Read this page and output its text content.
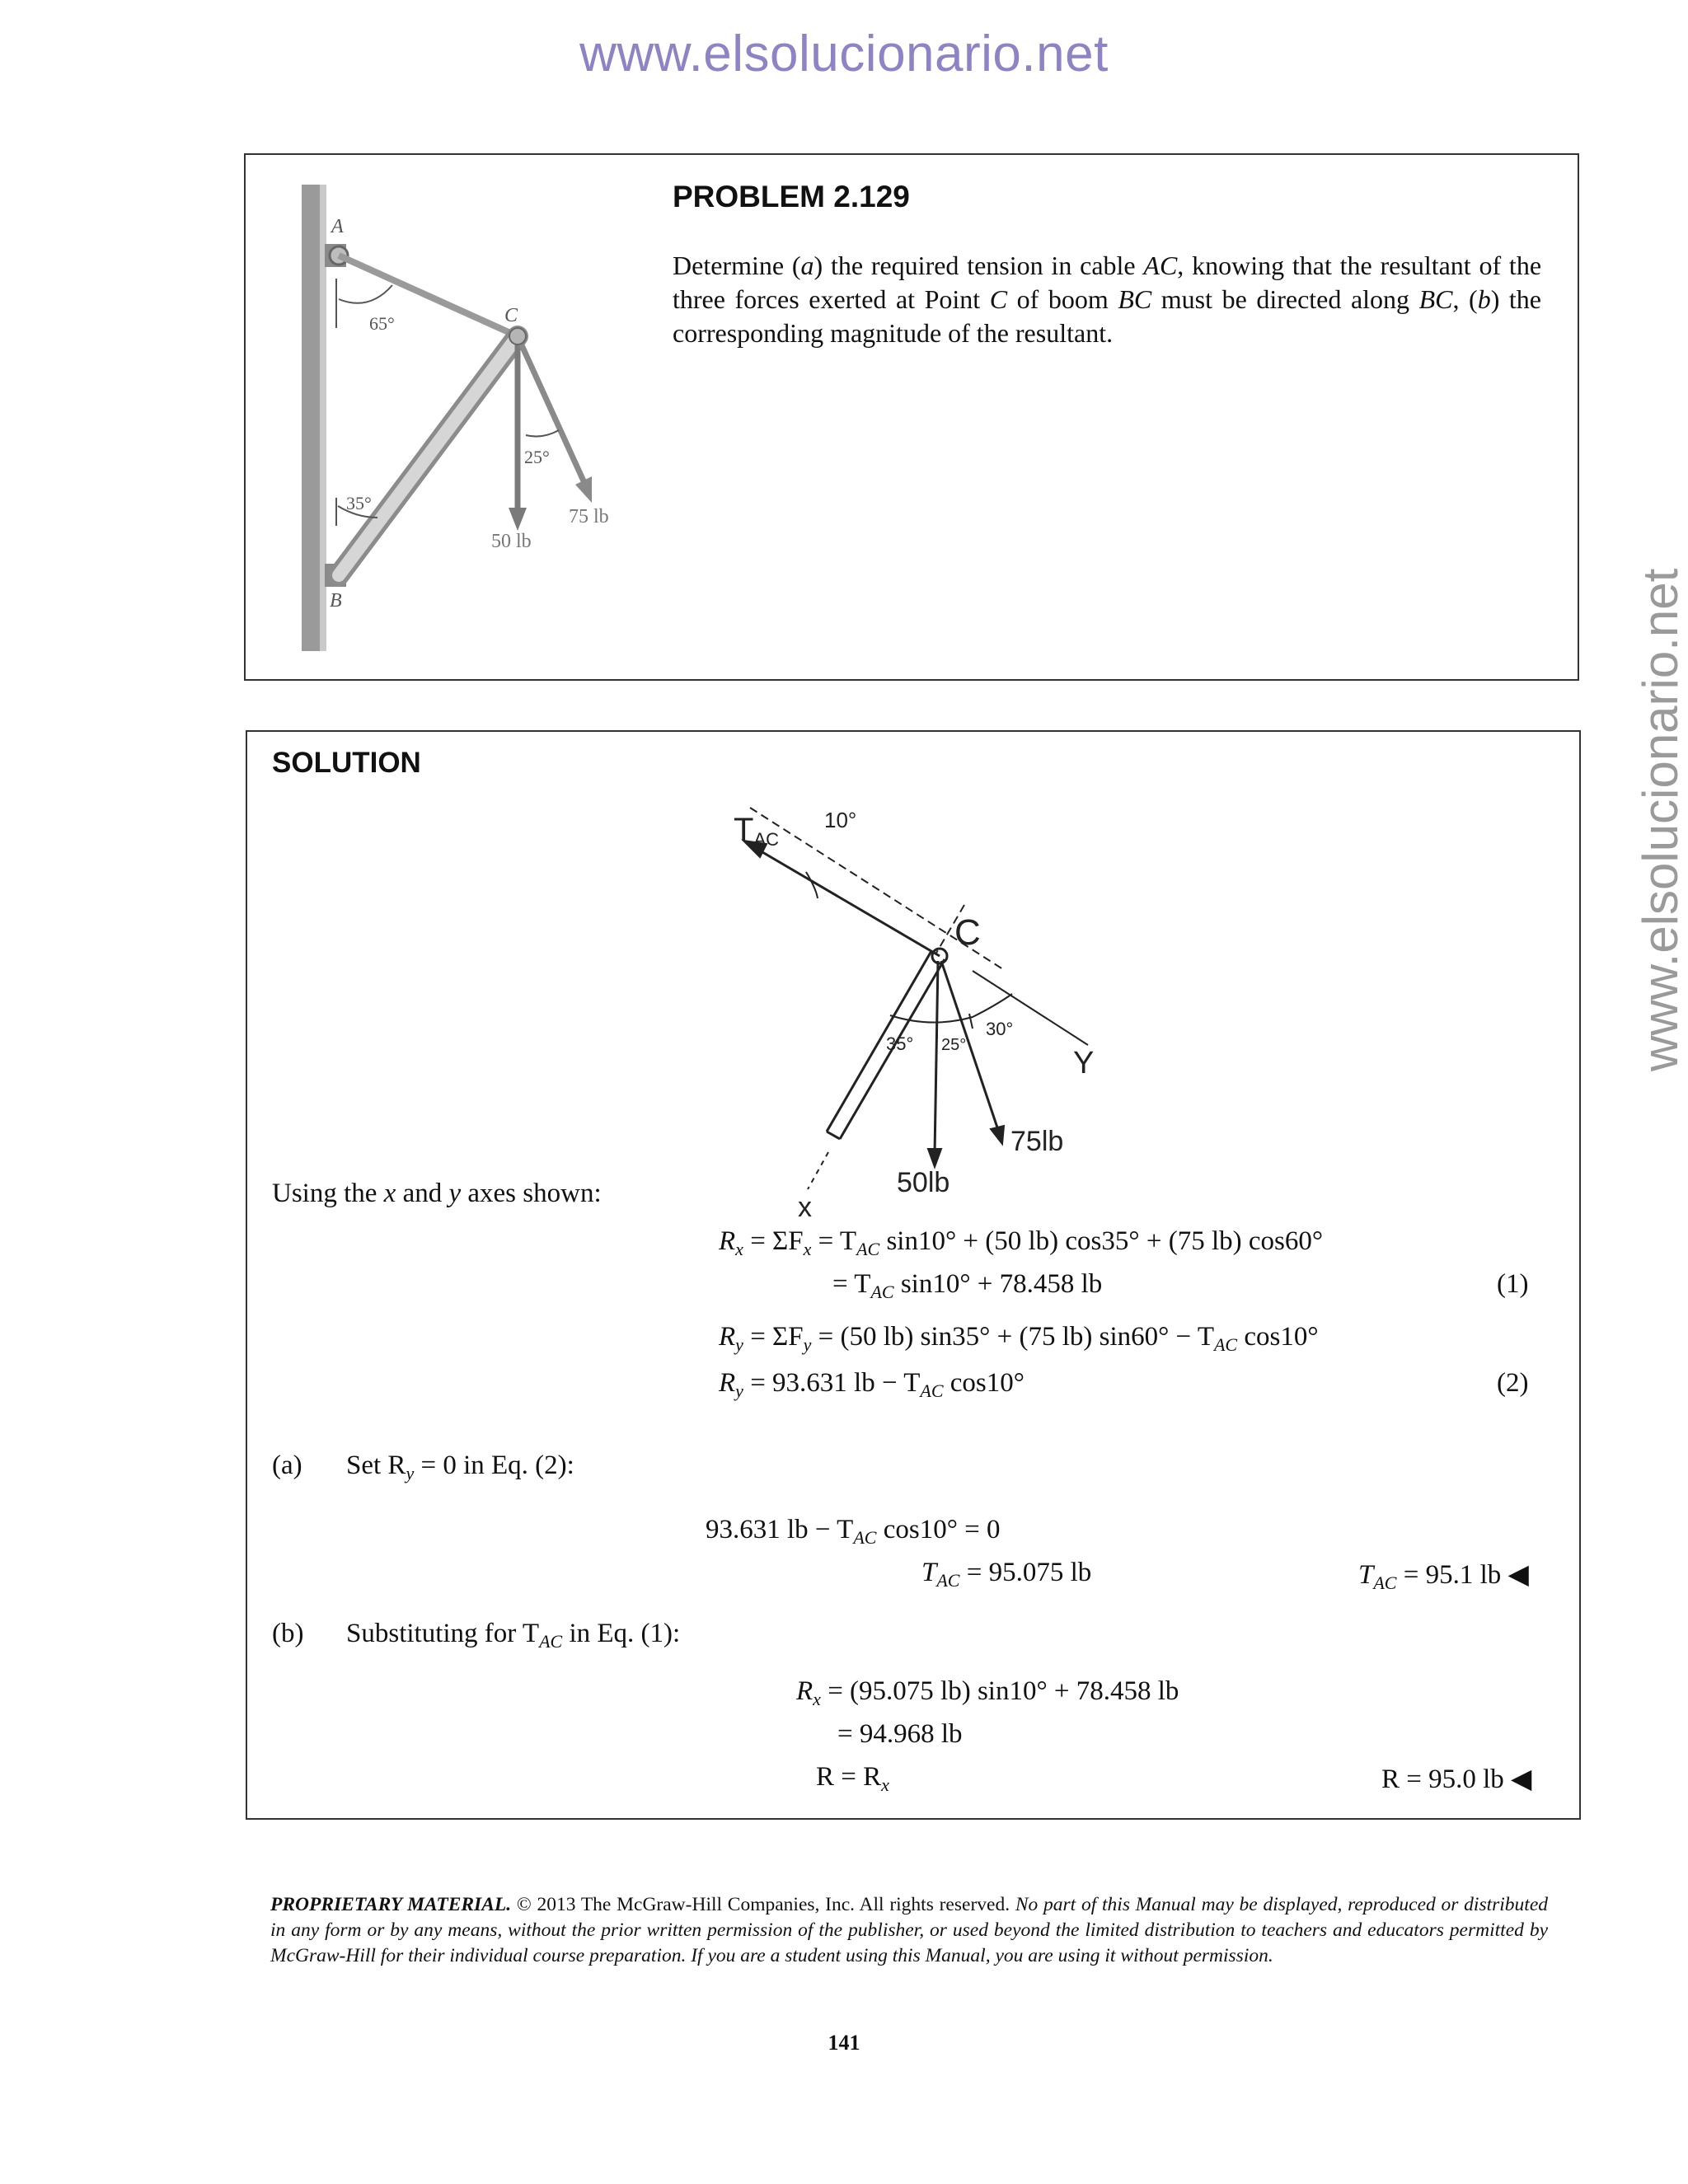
www.elsolucionario.net
www.elsolucionario.net
A
C
B
65°
25°
35°
75 lb
50 lb
PROBLEM 2.129
Determine (a) the required tension in cable AC, knowing that the resultant of the three forces exerted at Point C of boom BC must be directed along BC, (b) the corresponding magnitude of the resultant.
SOLUTION
TAC
10°
C
35° 25°
30°
Y
75lb
50lb
x
Using the x and y axes shown:
$R_x = \Sigma F_x = T_{AC}$ sin10° + (50 lb) cos35° + (75 lb) cos60°
= $T_{AC}$ sin10° + 78.458 lb	(1)
$R_y = \Sigma F_y = (50$ lb) sin35° + (75 lb) $\sin 60^\circ - T_{AC}$ cos10°
$R_y = 93.631$ lb − $T_{AC}$ cos10°	(2)
(a) Set $R_y = 0$ in Eq. (2):
93.631 lb − $T_{AC}$ cos10° = 0
$T_{AC} = 95.075$ lb	$T_{AC} = 95.1$ lb ◀
(b) Substituting for $T_{AC}$ in Eq. (1):
$R_x = (95.075$ lb) sin10° + 78.458 lb
= 94.968 lb
$R = R_x$	R = 95.0 lb ◀
PROPRIETARY MATERIAL. © 2013 The McGraw-Hill Companies, Inc. All rights reserved. No part of this Manual may be displayed, reproduced or distributed in any form or by any means, without the prior written permission of the publisher, or used beyond the limited distribution to teachers and educators permitted by McGraw-Hill for their individual course preparation. If you are a student using this Manual, you are using it without permission.
141
